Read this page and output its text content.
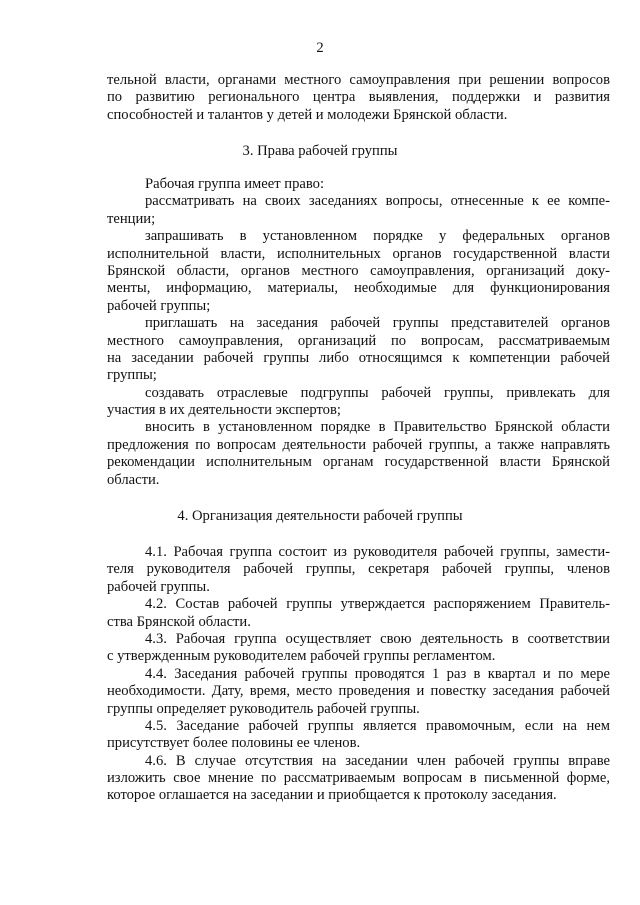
2
тельной власти, органами местного самоуправления при решении вопросов
по развитию регионального центра выявления, поддержки и развития
способностей и талантов у детей и молодежи Брянской области.
3. Права рабочей группы
Рабочая группа имеет право:
рассматривать на своих заседаниях вопросы, отнесенные к ее компе-
тенции;
запрашивать в установленном порядке у федеральных органов
исполнительной власти, исполнительных органов государственной власти
Брянской области, органов местного самоуправления, организаций доку-
менты, информацию, материалы, необходимые для функционирования
рабочей группы;
приглашать на заседания рабочей группы представителей органов
местного самоуправления, организаций по вопросам, рассматриваемым
на заседании рабочей группы либо относящимся к компетенции рабочей
группы;
создавать отраслевые подгруппы рабочей группы, привлекать для
участия в их деятельности экспертов;
вносить в установленном порядке в Правительство Брянской области
предложения по вопросам деятельности рабочей группы, а также направлять
рекомендации исполнительным органам государственной власти Брянской
области.
4. Организация деятельности рабочей группы
4.1. Рабочая группа состоит из руководителя рабочей группы, замести-
теля руководителя рабочей группы, секретаря рабочей группы, членов
рабочей группы.
4.2. Состав рабочей группы утверждается распоряжением Правитель-
ства Брянской области.
4.3. Рабочая группа осуществляет свою деятельность в соответствии
с утвержденным руководителем рабочей группы регламентом.
4.4. Заседания рабочей группы проводятся 1 раз в квартал и по мере
необходимости. Дату, время, место проведения и повестку заседания рабочей
группы определяет руководитель рабочей группы.
4.5. Заседание рабочей группы является правомочным, если на нем
присутствует более половины ее членов.
4.6. В случае отсутствия на заседании член рабочей группы вправе
изложить свое мнение по рассматриваемым вопросам в письменной форме,
которое оглашается на заседании и приобщается к протоколу заседания.
